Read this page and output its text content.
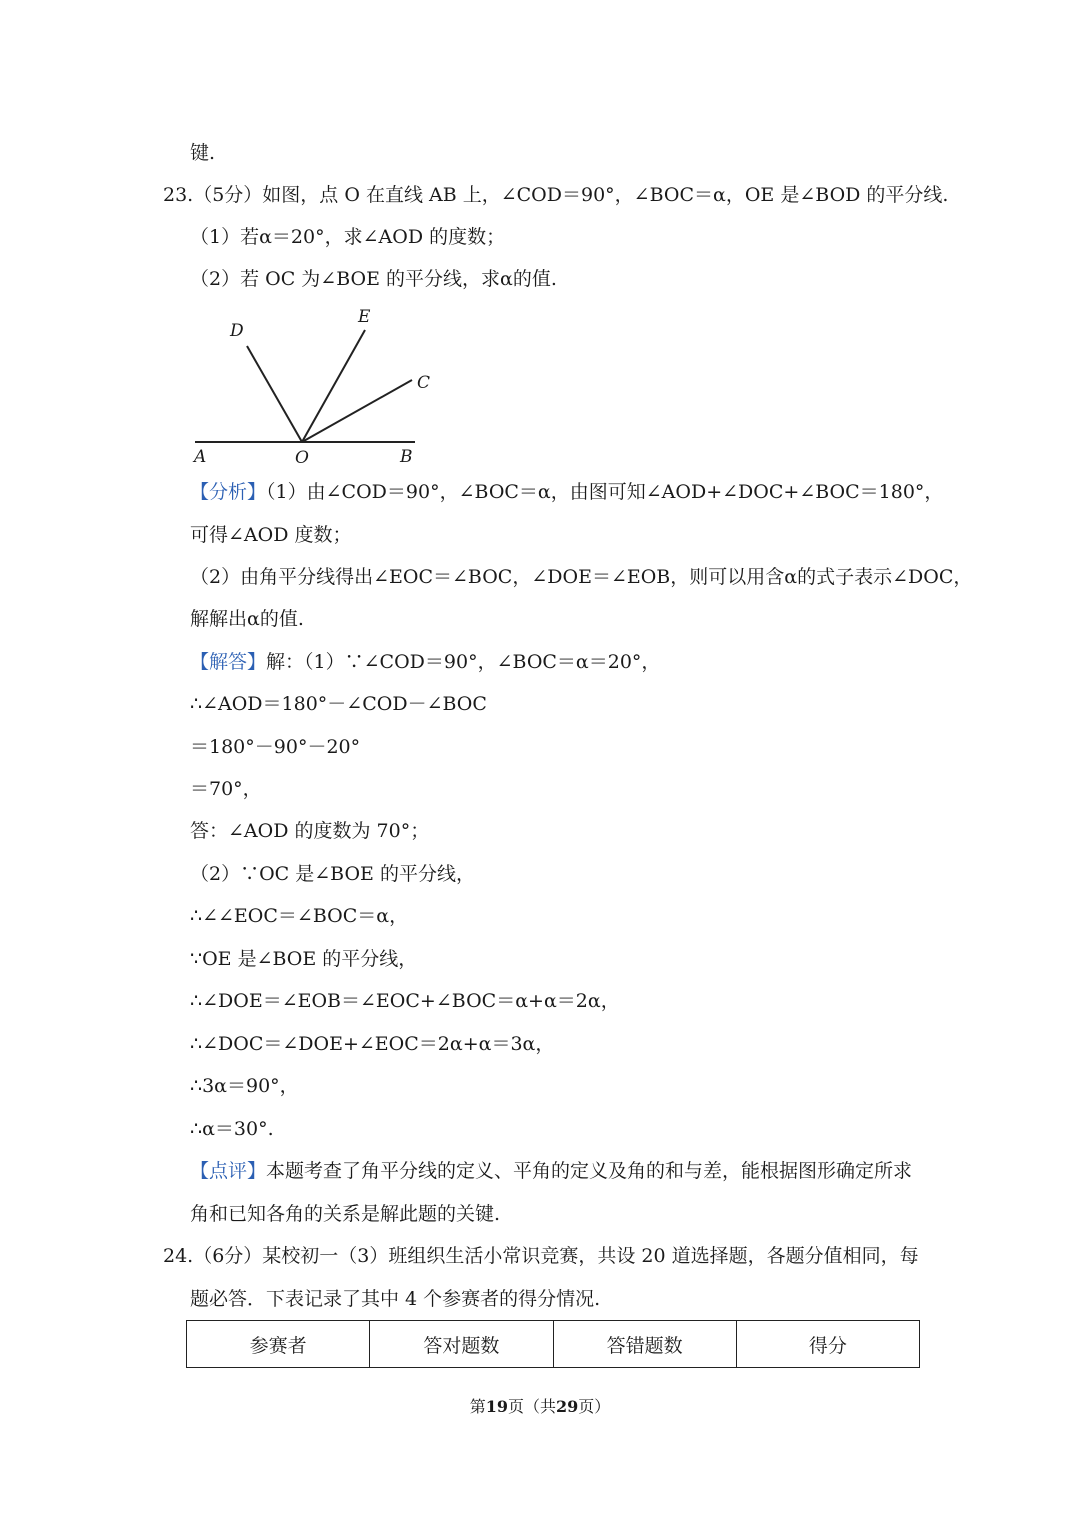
键.
23.（5分）如图，点 O 在直线 AB 上，∠COD＝90°，∠BOC＝α，OE 是∠BOD 的平分线.
（1）若α＝20°，求∠AOD 的度数；
（2）若 OC 为∠BOE 的平分线，求α的值.
D
E
C
A	O	B
【分析】（1）由∠COD＝90°，∠BOC＝α，由图可知∠AOD+∠DOC+∠BOC＝180°，
可得∠AOD 度数；
（2）由角平分线得出∠EOC＝∠BOC，∠DOE＝∠EOB，则可以用含α的式子表示∠DOC，
解解出α的值.
【解答】解：（1）∵∠COD＝90°，∠BOC＝α＝20°，
∴∠AOD＝180°－∠COD－∠BOC
＝180°－90°－20°
＝70°，
答：∠AOD 的度数为 70°；
（2）∵OC 是∠BOE 的平分线，
∴∠∠EOC＝∠BOC＝α，
∵OE 是∠BOE 的平分线，
∴∠DOE＝∠EOB＝∠EOC+∠BOC＝α+α＝2α，
∴∠DOC＝∠DOE+∠EOC＝2α+α＝3α，
∴3α＝90°，
∴α＝30°.
【点评】本题考查了角平分线的定义、平角的定义及角的和与差，能根据图形确定所求
角和已知各角的关系是解此题的关键.
24.（6分）某校初一（3）班组织生活小常识竞赛，共设 20 道选择题，各题分值相同，每
题必答．下表记录了其中 4 个参赛者的得分情况.
参赛者	答对题数	答错题数	得分
第19页（共29页）
